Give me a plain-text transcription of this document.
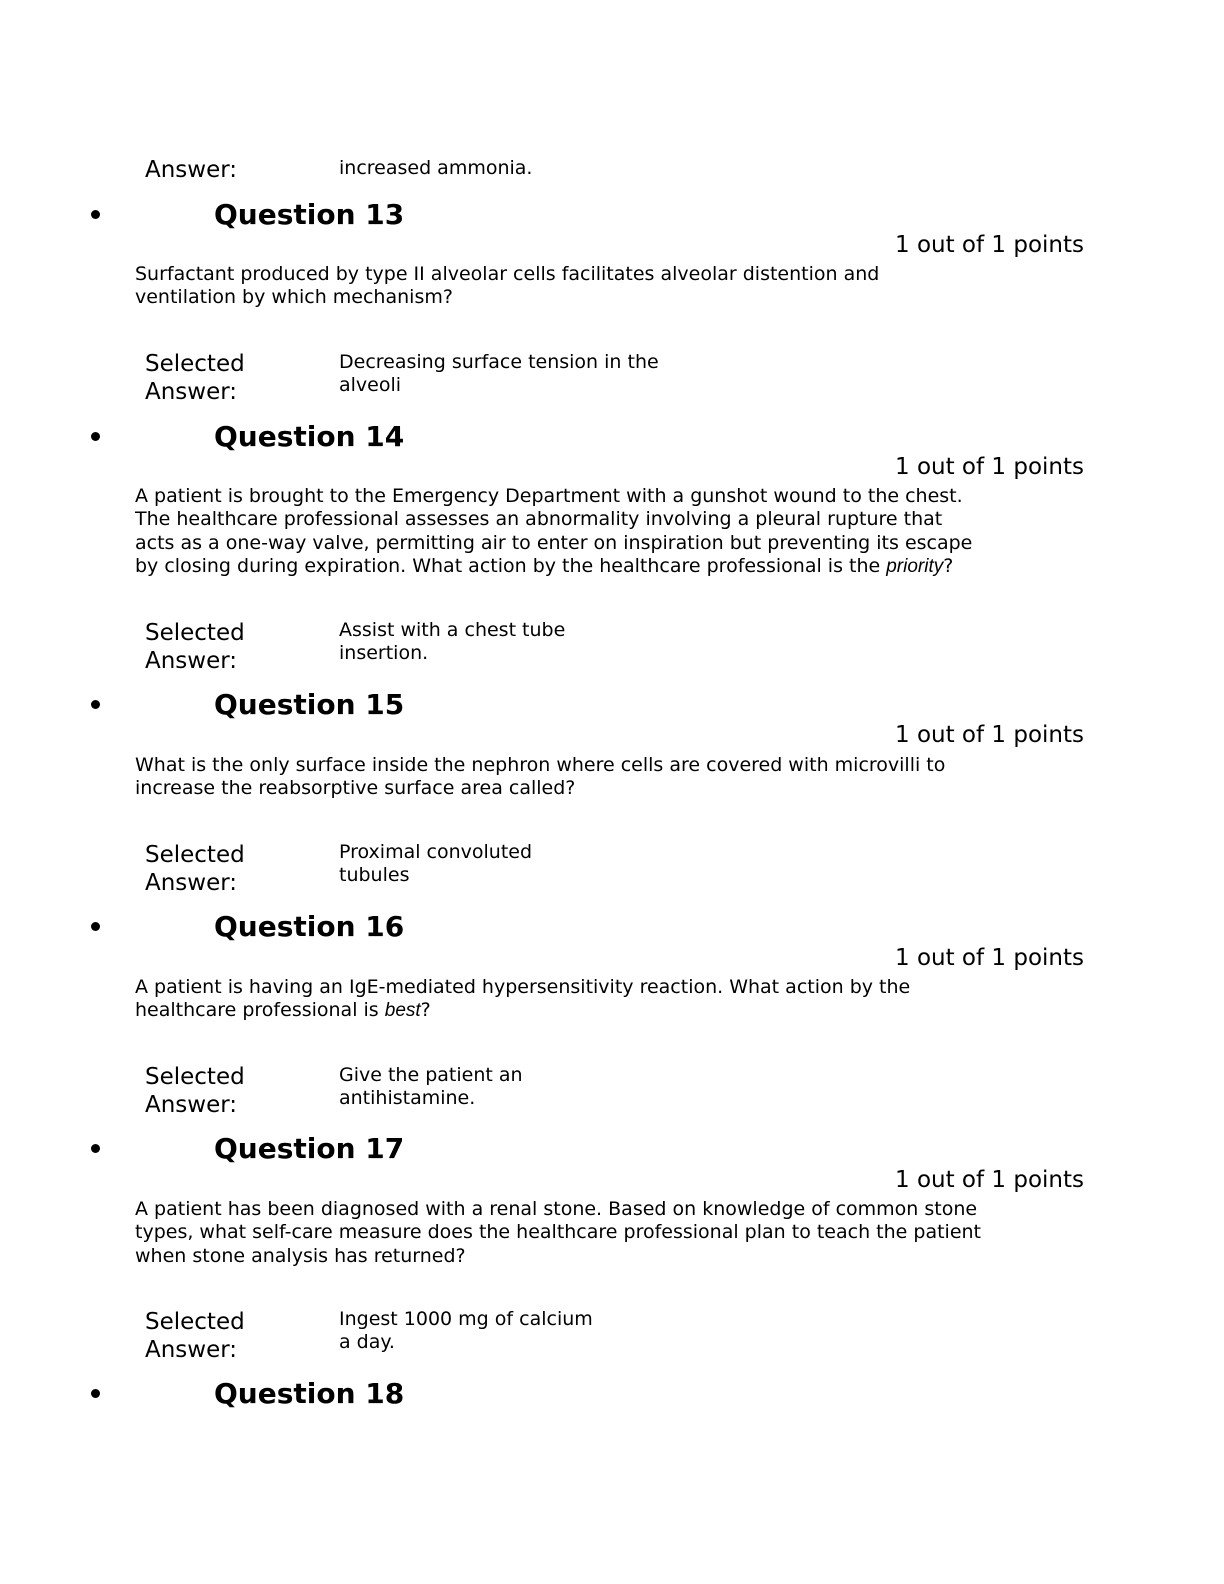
Answer:	increased ammonia.
Question 13
1 out of 1 points
Surfactant produced by type II alveolar cells facilitates alveolar distention and
ventilation by which mechanism?
Selected
Answer:
Decreasing surface tension in the
alveoli
Question 14
1 out of 1 points
A patient is brought to the Emergency Department with a gunshot wound to the chest.
The healthcare professional assesses an abnormality involving a pleural rupture that
acts as a one-way valve, permitting air to enter on inspiration but preventing its escape
by closing during expiration. What action by the healthcare professional is the priority?
Selected
Answer:
Assist with a chest tube
insertion.
Question 15
1 out of 1 points
What is the only surface inside the nephron where cells are covered with microvilli to
increase the reabsorptive surface area called?
Selected
Answer:
Proximal convoluted
tubules
Question 16
1 out of 1 points
A patient is having an IgE-mediated hypersensitivity reaction. What action by the
healthcare professional is best?
Selected
Answer:
Give the patient an
antihistamine.
Question 17
1 out of 1 points
A patient has been diagnosed with a renal stone. Based on knowledge of common stone
types, what self-care measure does the healthcare professional plan to teach the patient
when stone analysis has returned?
Selected
Answer:
Ingest 1000 mg of calcium
a day.
Question 18
